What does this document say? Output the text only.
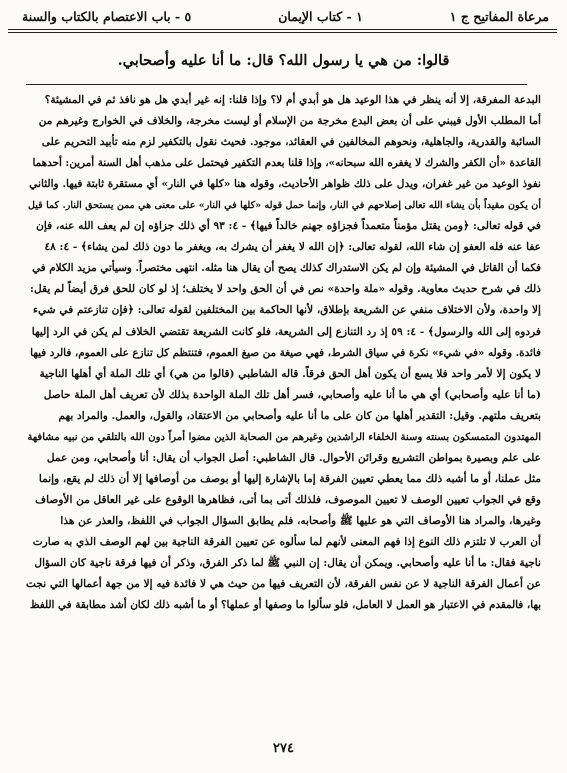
مرعاة المفاتيح ج ١
١ - كتاب الإيمان
٥ - باب الاعتصام بالكتاب والسنة
قالوا: من هي يا رسول الله؟ قال: ما أنا عليه وأصحابي.
البدعة المفرقة، إلا أنه ينظر في هذا الوعيد هل هو أبدي أم لا؟ وإذا قلنا: إنه غير أبدي هل هو نافذ ثم في المشيئة؟
أما المطلب الأول فيبني على أن بعض البدع مخرجة من الإسلام أو ليست مخرجة، والخلاف في الخوارج وغيرهم من
السائبة والقدرية، والجاهلية، ونحوهم المخالفين في العقائد، موجود. فحيث نقول بالتكفير لزم منه تأبيد التحريم على
القاعدة «أن الكفر والشرك لا يغفره الله سبحانه»، وإذا قلنا بعدم التكفير فيحتمل على مذهب أهل السنة أمرين: أحدهما
نفوذ الوعيد من غير غفران، ويدل على ذلك ظواهر الأحاديث، وقوله هنا «كلها في النار» أي مستقرة ثابتة فيها. والثاني
أن يكون مقيداً بأن يشاء الله تعالى إصلاحهم في النار، وإنما حمل قوله «كلها في النار» على معنى هي ممن يستحق النار. كما قيل
في قوله تعالى: ﴿ومن يقتل مؤمناً متعمداً فجزاؤه جهنم خالداً فيها﴾ - ٤: ٩٣ أي ذلك جزاؤه إن لم يعف الله عنه، فإن
عفا عنه فله العفو إن شاء الله، لقوله تعالى: ﴿إن الله لا يغفر أن يشرك به، ويغفر ما دون ذلك لمن يشاء﴾ - ٤: ٤٨
فكما أن القاتل في المشيئة وإن لم يكن الاستدراك كذلك يصح أن يقال هنا مثله. انتهى مختصراً. وسيأتي مزيد الكلام في
ذلك في شرح حديث معاوية. وقوله «ملة واحدة» نص في أن الحق واحد لا يختلف؛ إذ لو كان للحق فرق أيضاً لم يقل:
إلا واحدة، ولأن الاختلاف منفي عن الشريعة بإطلاق، لأنها الحاكمة بين المختلفين لقوله تعالى: ﴿فإن تنازعتم في شيء
فردوه إلى الله والرسول﴾ - ٤: ٥٩ إذ رد التنازع إلى الشريعة، فلو كانت الشريعة تقتضي الخلاف لم يكن في الرد إليها
فائدة. وقوله «في شيء» نكرة في سياق الشرط، فهي صيغة من صيغ العموم، فتنتظم كل تنازع على العموم، فالرد فيها
لا يكون إلا لأمر واحد فلا يسع أن يكون أهل الحق فرقاً. قاله الشاطبي (قالوا من هي) أي تلك الملة أي أهلها الناجية
(ما أنا عليه وأصحابي) أي هي ما أنا عليه وأصحابي، فسر أهل تلك الملة الواحدة بذلك لأن تعريف أهل الملة حاصل
بتعريف ملتهم. وقيل: التقدير أهلها من كان على ما أنا عليه وأصحابي من الاعتقاد، والقول، والعمل. والمراد بهم
المهتدون المتمسكون بسنته وسنة الخلفاء الراشدين وغيرهم من الصحابة الذين مضوا أمراً دون الله بالتلقي من نبيه مشافهة
على علم وبصيرة بمواطن التشريع وقرائن الأحوال. قال الشاطبي: أصل الجواب أن يقال: أنا وأصحابي، ومن عمل
مثل عملنا، أو ما أشبه ذلك مما يعطي تعيين الفرقة إما بالإشارة إليها أو بوصف من أوصافها إلا أن ذلك لم يقع، وإنما
وقع في الجواب تعيين الوصف لا تعيين الموصوف، فلذلك أتى بما أتى، فظاهرها الوقوع على غير العاقل من الأوصاف
وغيرها، والمراد هنا الأوصاف التي هو عليها ﷺ وأصحابه، فلم يطابق السؤال الجواب في اللفظ، والعذر عن هذا
أن العرب لا تلتزم ذلك النوع إذا فهم المعنى لأنهم لما سألوه عن تعيين الفرقة الناجية بين لهم الوصف الذي به صارت
ناجية فقال: ما أنا عليه وأصحابي. ويمكن أن يقال: إن النبي ﷺ لما ذكر الفرق، وذكر أن فيها فرقة ناجية كان السؤال
عن أعمال الفرقة الناجية لا عن نفس الفرقة، لأن التعريف فيها من حيث هي لا فائدة فيه إلا من جهة أعمالها التي نجت
بها، فالمقدم في الاعتبار هو العمل لا العامل، فلو سألوا ما وصفها أو عملها؟ أو ما أشبه ذلك لكان أشد مطابقة في اللفظ
٢٧٤
